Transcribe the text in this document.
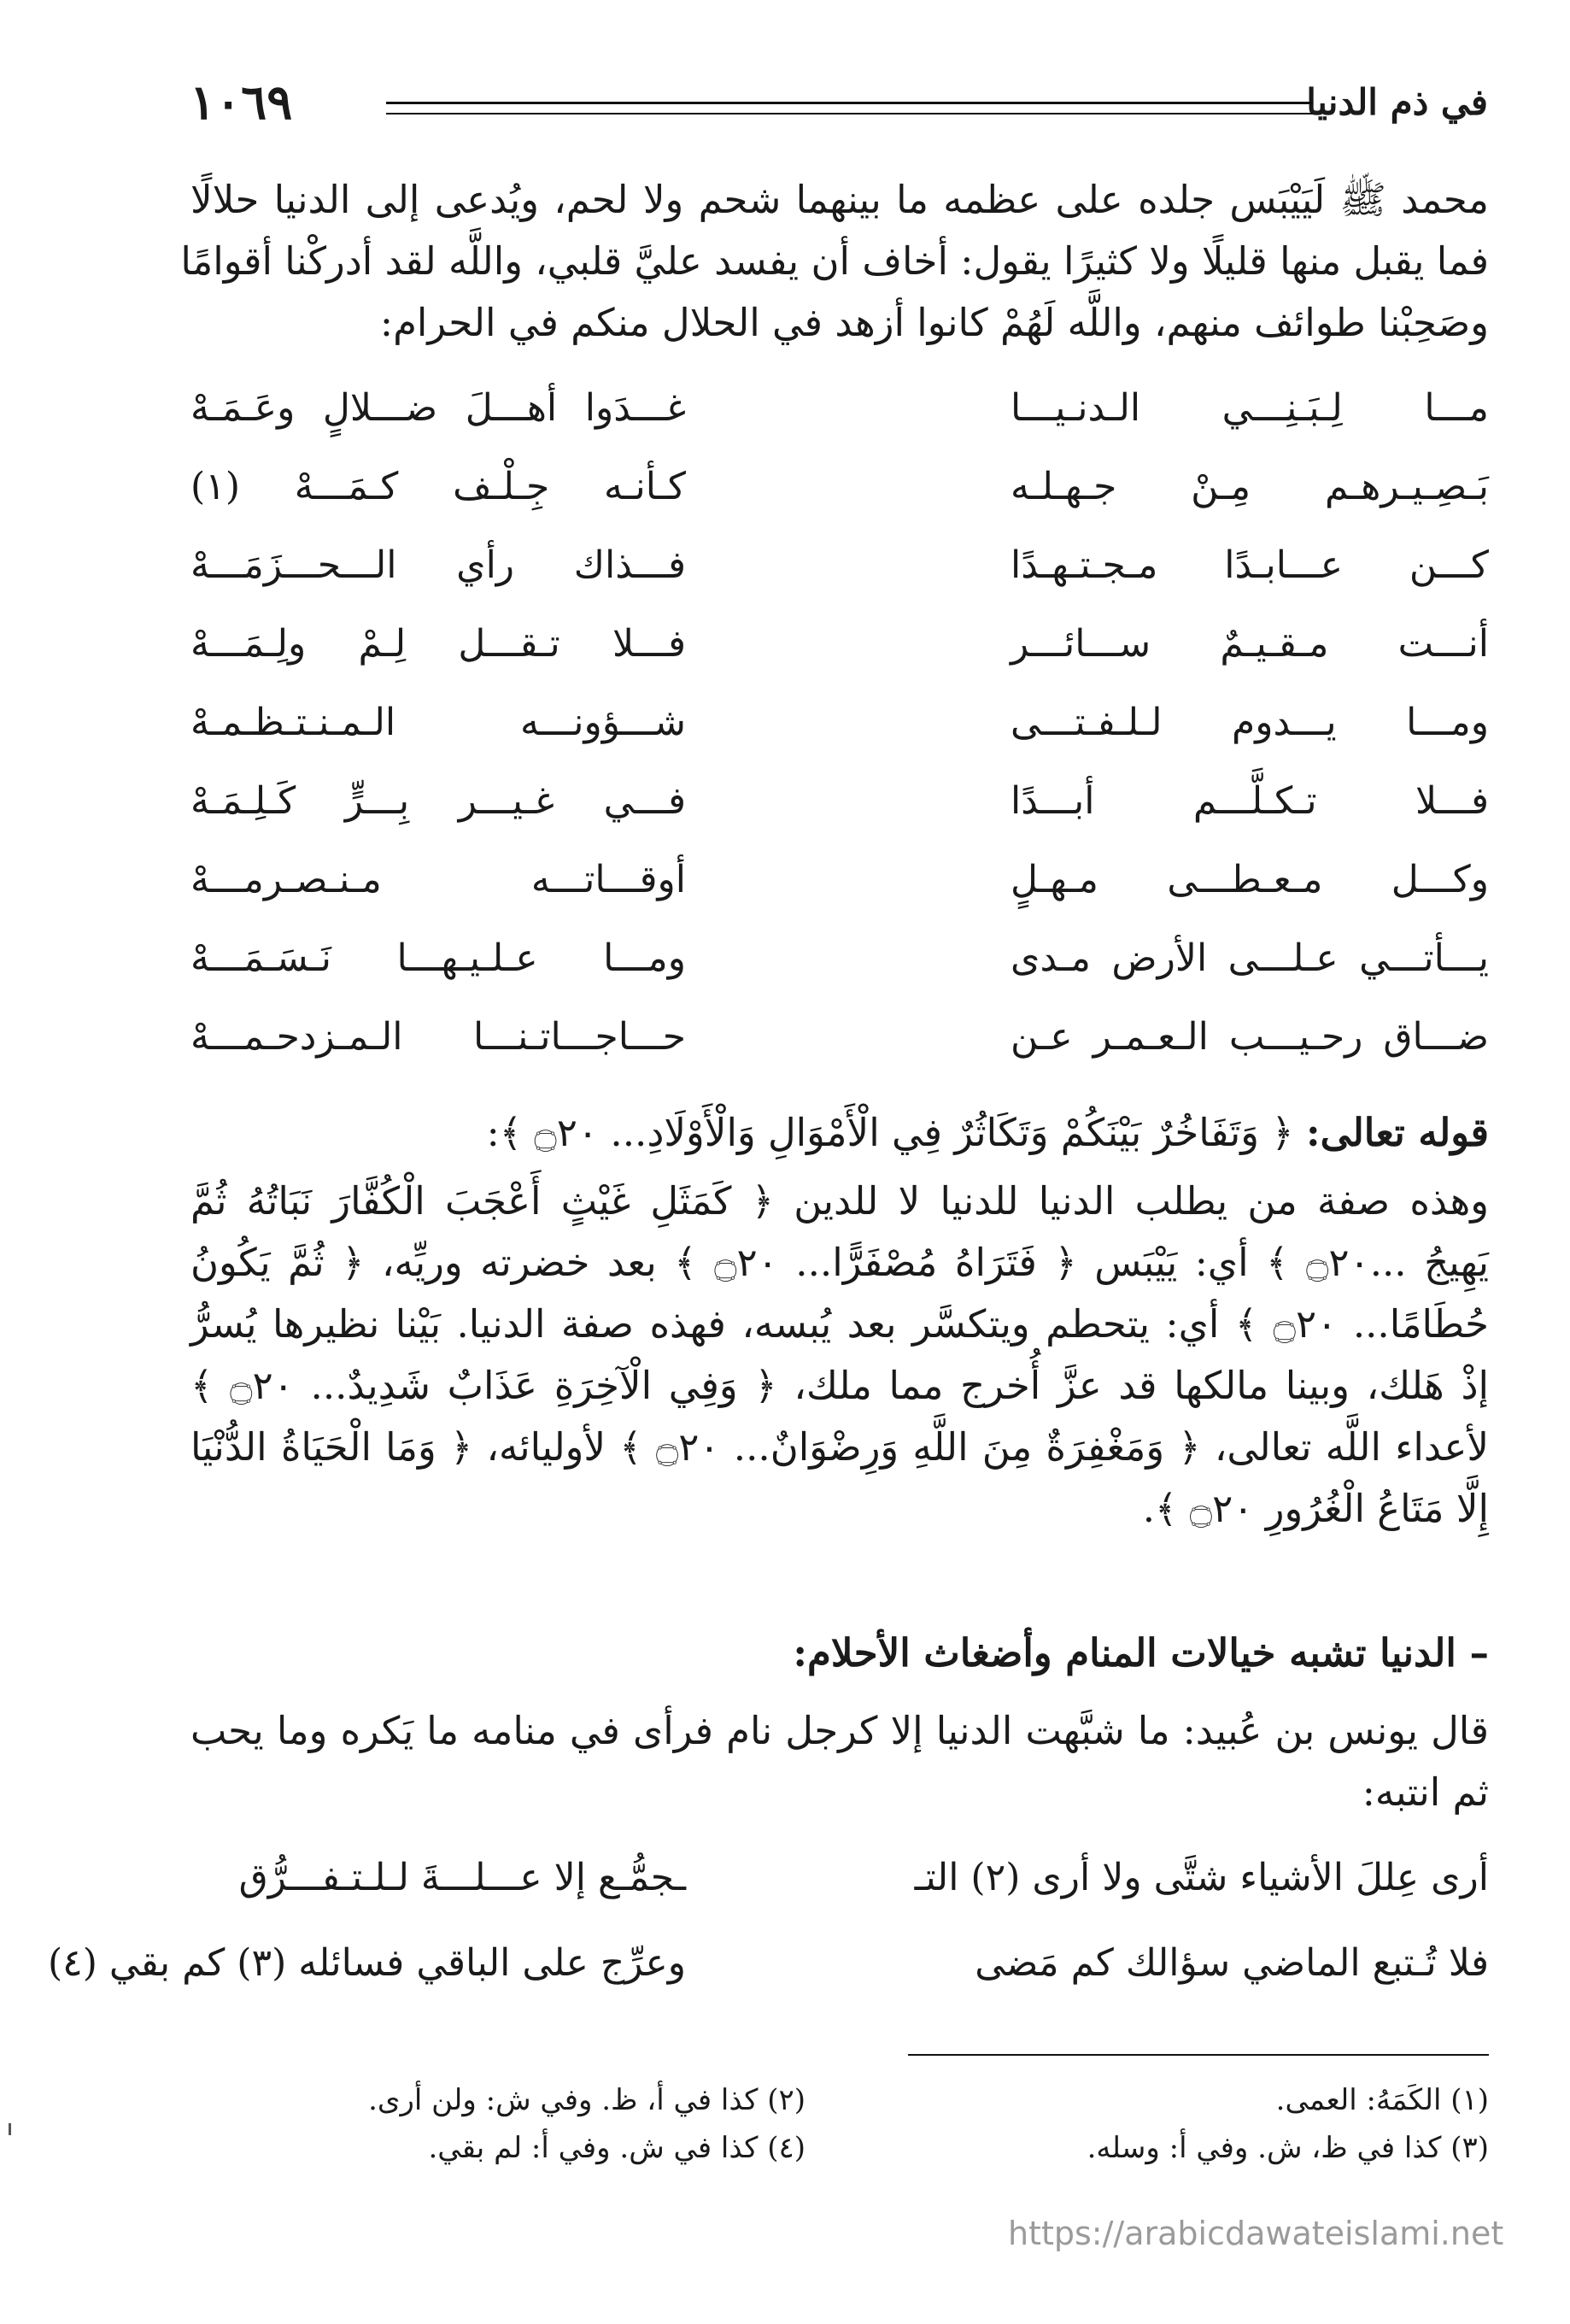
في ذم الدنيا
١٠٦٩
محمد ﷺ لَيَيْبَس جلده على عظمه ما بينهما شحم ولا لحم، ويُدعى إلى الدنيا حلالًا
فما يقبل منها قليلًا ولا كثيرًا يقول: أخاف أن يفسد عليَّ قلبي، واللَّه لقد أدركْنا أقوامًا
وصَحِبْنا طوائف منهم، واللَّه لَهُمْ كانوا أزهد في الحلال منكم في الحرام:
مـــا لِـبَـنِـــي الـدنـيـــا
غـــدَوا أهـــلَ ضـــلالٍ وعَـمَـهْ
بَـصِـيـرهـم مِـنْ جـهـلـه
كـأنـه جِـلْـف كـمَـــهْ (١)
كـــن عـــابـدًا مـجـتـهـدًا
فـــذاك رأي الـــحـــزَمَـــهْ
أنـــت مـقـيـمٌ ســـائـــر
فـــلا تـقـــل لِـمْ ولِـمَـــهْ
ومـــا يـــدوم لـلـفـتـــى
شـــؤونـــه الـمـنـتـظـمـهْ
فـــلا تـكـلَّـــم أبـــدًا
فـــي غـيـــر بِـــرٍّ كَـلِـمَـهْ
وكـــل مـعـطـــى مـهـلٍ
أوقـــاتـــه مـنـصـرمـــهْ
يـــأتـــي عـلـــى الأرض مـدى
ومـــا عـلـيـهـــا نَـسَـمَـــهْ
ضـــاق رحـيـــب الـعـمـر عـن
حـــاجـــاتـنـــا الـمـزدحـمـــهْ
قوله تعالى: ﴿ وَتَفَاخُرٌ بَيْنَكُمْ وَتَكَاثُرٌ فِي الْأَمْوَالِ وَالْأَوْلَادِ... ۝٢٠ ﴾:
وهذه صفة من يطلب الدنيا للدنيا لا للدين ﴿ كَمَثَلِ غَيْثٍ أَعْجَبَ الْكُفَّارَ نَبَاتُهُ ثُمَّ
يَهِيجُ ...۝٢٠ ﴾ أي: يَيْبَس ﴿ فَتَرَاهُ مُصْفَرًّا... ۝٢٠ ﴾ بعد خضرته وريِّه، ﴿ ثُمَّ يَكُونُ
حُطَامًا... ۝٢٠ ﴾ أي: يتحطم ويتكسَّر بعد يُبسه، فهذه صفة الدنيا. بَيْنا نظيرها يُسرُّ
إذْ هَلك، وبينا مالكها قد عزَّ أُخرج مما ملك، ﴿ وَفِي الْآخِرَةِ عَذَابٌ شَدِيدٌ... ۝٢٠ ﴾
لأعداء اللَّه تعالى، ﴿ وَمَغْفِرَةٌ مِنَ اللَّهِ وَرِضْوَانٌ... ۝٢٠ ﴾ لأوليائه، ﴿ وَمَا الْحَيَاةُ الدُّنْيَا
إِلَّا مَتَاعُ الْغُرُورِ ۝٢٠ ﴾.
– الدنيا تشبه خيالات المنام وأضغاث الأحلام:
قال يونس بن عُبيد: ما شبَّهت الدنيا إلا كرجل نام فرأى في منامه ما يَكره وما يحب
ثم انتبه:
أرى عِللَ الأشياء شتَّى ولا أرى (٢) التـ
ـجمُّـع إلا عـــلـــةَ لـلـتـفـــرُّق
فلا تُـتبع الماضي سؤالك كم مَضى
وعرِّج على الباقي فسائله (٣) كم بقي (٤)
(١) الكَمَهُ: العمى.
(٢) كذا في أ، ظ. وفي ش: ولن أرى.
(٣) كذا في ظ، ش. وفي أ: وسله.
(٤) كذا في ش. وفي أ: لم بقي.
https://arabicdawateislami.net
